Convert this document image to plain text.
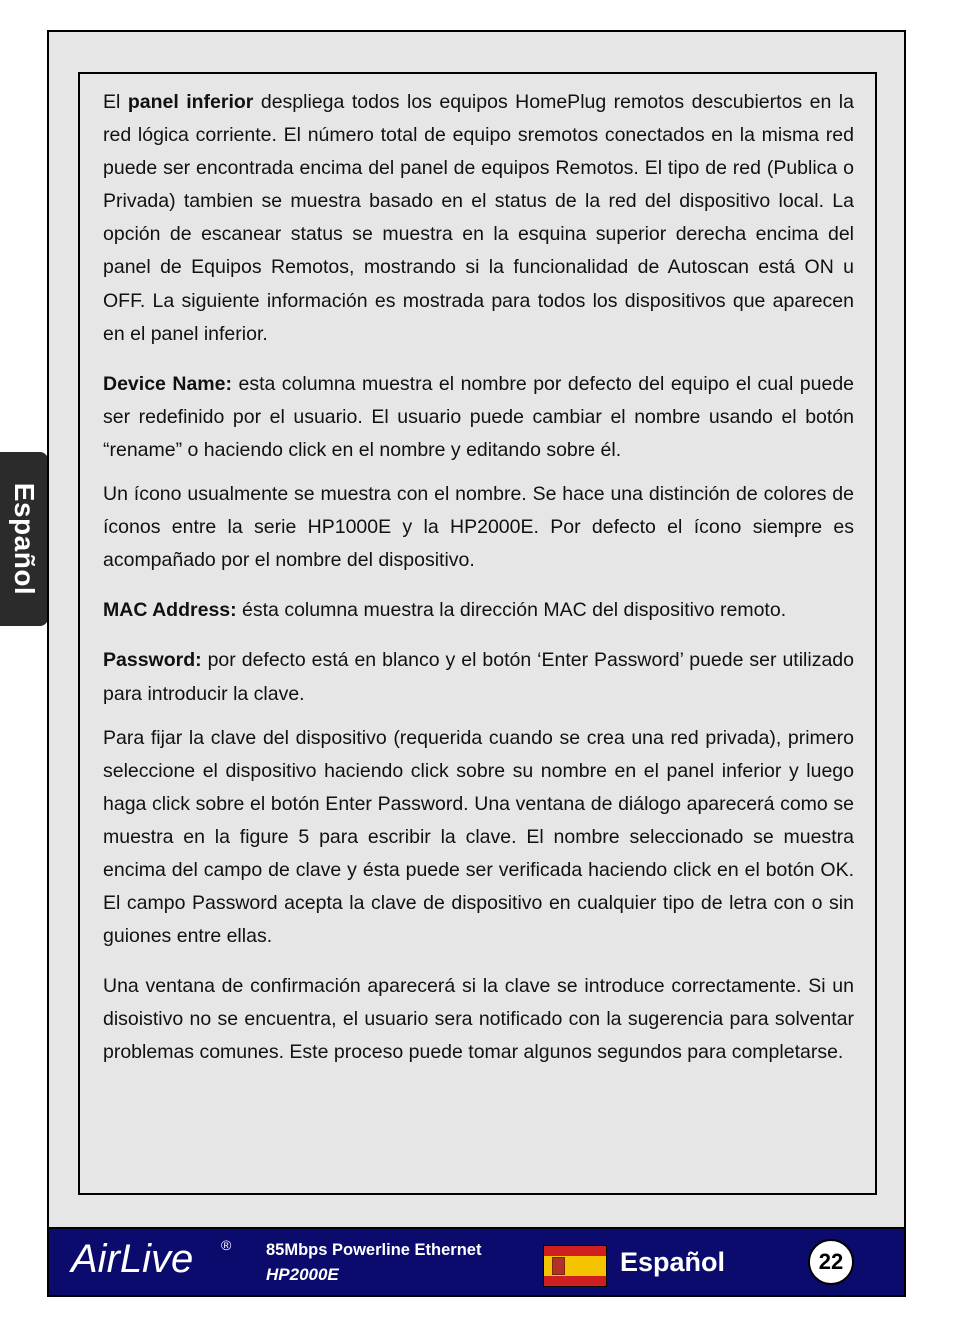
Español

El panel inferior despliega todos los equipos HomePlug remotos descubiertos en la red lógica corriente. El número total de equipo sremotos conectados en la misma red puede ser encontrada encima del panel de equipos Remotos. El tipo de red (Publica o Privada) tambien se muestra basado en el status de la red del dispositivo local. La opción de escanear status se muestra en la esquina superior derecha encima del panel de Equipos Remotos, mostrando si la funcionalidad de Autoscan está ON u OFF. La siguiente información es mostrada para todos los dispositivos que aparecen en el panel inferior.

Device Name: esta columna muestra el nombre por defecto del equipo el cual puede ser redefinido por el usuario. El usuario puede cambiar el nombre usando el botón “rename” o haciendo click en el nombre y editando sobre él.

Un ícono usualmente se muestra con el nombre. Se hace una distinción de colores de íconos entre la serie HP1000E y la HP2000E. Por defecto el ícono siempre es acompañado por el nombre del dispositivo.

MAC Address: ésta columna muestra la dirección MAC del dispositivo remoto.

Password: por defecto está en blanco y el botón ‘Enter Password’ puede ser utilizado para introducir la clave.

Para fijar la clave del dispositivo (requerida cuando se crea una red privada), primero seleccione el dispositivo haciendo click sobre su nombre en el panel inferior y luego haga click sobre el botón Enter Password. Una ventana de diálogo aparecerá como se muestra en la figure 5 para escribir la clave. El nombre seleccionado se muestra encima del campo de clave y ésta puede ser verificada haciendo click en el botón OK. El campo Password acepta la clave de dispositivo en cualquier tipo de letra con o sin guiones entre ellas.

Una ventana de confirmación aparecerá si la clave se introduce correctamente. Si un disoistivo no se encuentra, el usuario sera notificado con la sugerencia para solventar problemas comunes. Este proceso puede tomar algunos segundos para completarse.

AirLive ® 85Mbps Powerline Ethernet
HP2000E	Español	22
